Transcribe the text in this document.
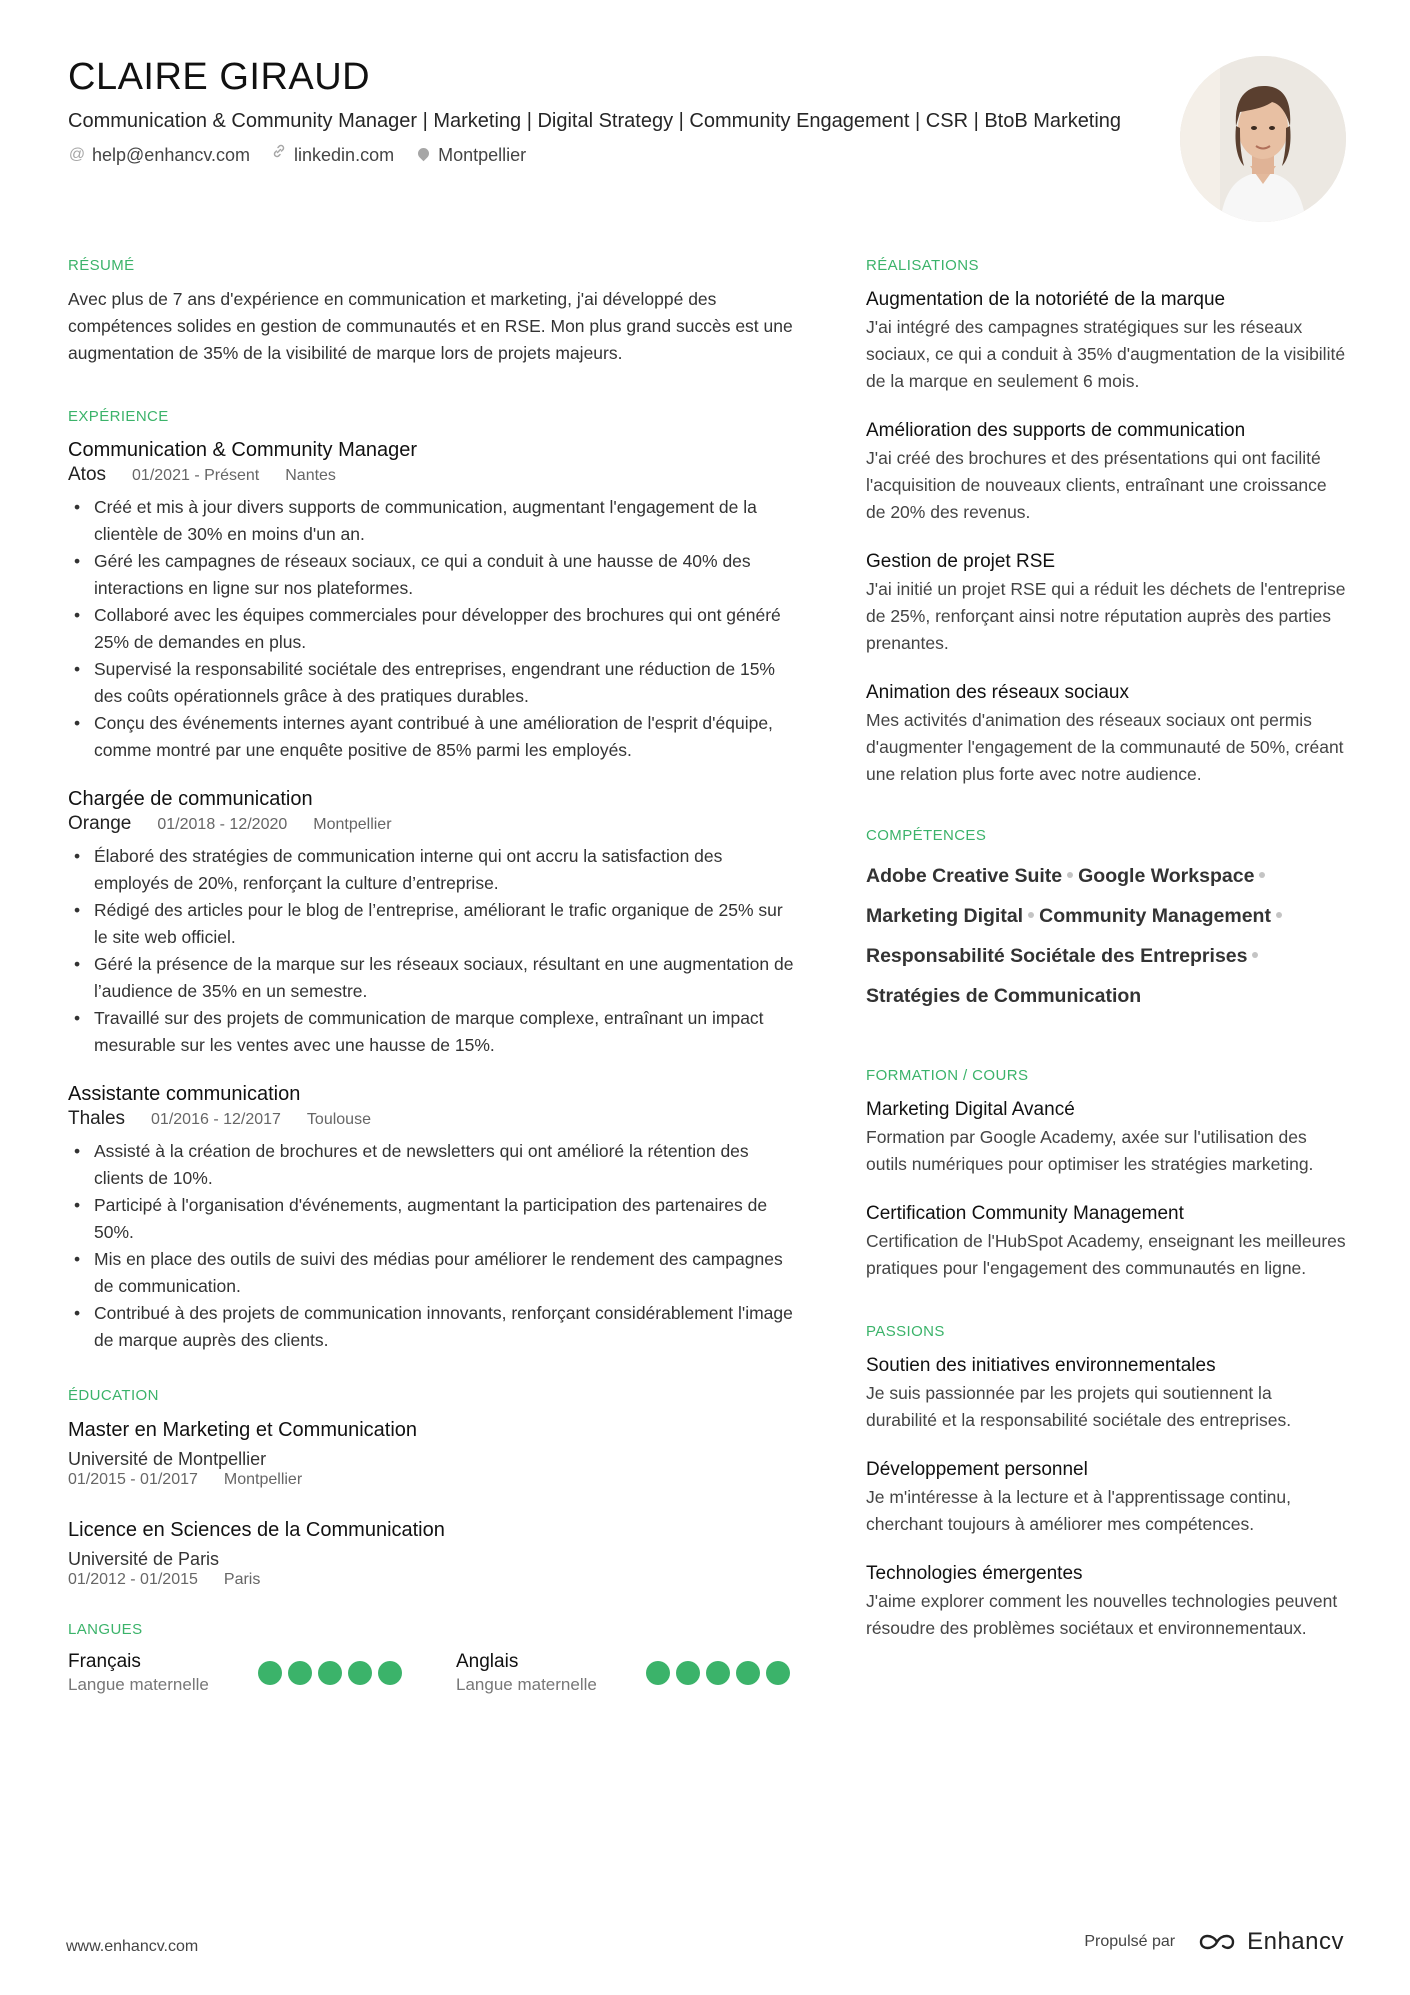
CLAIRE GIRAUD
Communication & Community Manager | Marketing | Digital Strategy | Community Engagement | CSR | BtoB Marketing
@ help@enhancv.com linkedin.com Montpellier
RÉSUMÉ
Avec plus de 7 ans d'expérience en communication et marketing, j'ai développé des compétences solides en gestion de communautés et en RSE. Mon plus grand succès est une augmentation de 35% de la visibilité de marque lors de projets majeurs.
EXPÉRIENCE
Communication & Community Manager
Atos 01/2021 - Présent Nantes
• Créé et mis à jour divers supports de communication, augmentant l'engagement de la clientèle de 30% en moins d'un an.
• Géré les campagnes de réseaux sociaux, ce qui a conduit à une hausse de 40% des interactions en ligne sur nos plateformes.
• Collaboré avec les équipes commerciales pour développer des brochures qui ont généré 25% de demandes en plus.
• Supervisé la responsabilité sociétale des entreprises, engendrant une réduction de 15% des coûts opérationnels grâce à des pratiques durables.
• Conçu des événements internes ayant contribué à une amélioration de l'esprit d'équipe, comme montré par une enquête positive de 85% parmi les employés.
Chargée de communication
Orange 01/2018 - 12/2020 Montpellier
• Élaboré des stratégies de communication interne qui ont accru la satisfaction des employés de 20%, renforçant la culture d’entreprise.
• Rédigé des articles pour le blog de l’entreprise, améliorant le trafic organique de 25% sur le site web officiel.
• Géré la présence de la marque sur les réseaux sociaux, résultant en une augmentation de l’audience de 35% en un semestre.
• Travaillé sur des projets de communication de marque complexe, entraînant un impact mesurable sur les ventes avec une hausse de 15%.
Assistante communication
Thales 01/2016 - 12/2017 Toulouse
• Assisté à la création de brochures et de newsletters qui ont amélioré la rétention des clients de 10%.
• Participé à l'organisation d'événements, augmentant la participation des partenaires de 50%.
• Mis en place des outils de suivi des médias pour améliorer le rendement des campagnes de communication.
• Contribué à des projets de communication innovants, renforçant considérablement l'image de marque auprès des clients.
ÉDUCATION
Master en Marketing et Communication
Université de Montpellier
01/2015 - 01/2017 Montpellier
Licence en Sciences de la Communication
Université de Paris
01/2012 - 01/2015 Paris
LANGUES
Français
Langue maternelle
Anglais
Langue maternelle
RÉALISATIONS
Augmentation de la notoriété de la marque
J'ai intégré des campagnes stratégiques sur les réseaux sociaux, ce qui a conduit à 35% d'augmentation de la visibilité de la marque en seulement 6 mois.
Amélioration des supports de communication
J'ai créé des brochures et des présentations qui ont facilité l'acquisition de nouveaux clients, entraînant une croissance de 20% des revenus.
Gestion de projet RSE
J'ai initié un projet RSE qui a réduit les déchets de l'entreprise de 25%, renforçant ainsi notre réputation auprès des parties prenantes.
Animation des réseaux sociaux
Mes activités d'animation des réseaux sociaux ont permis d'augmenter l'engagement de la communauté de 50%, créant une relation plus forte avec notre audience.
COMPÉTENCES
Adobe Creative Suite Google Workspace
Marketing Digital Community Management
Responsabilité Sociétale des Entreprises
Stratégies de Communication
FORMATION / COURS
Marketing Digital Avancé
Formation par Google Academy, axée sur l'utilisation des outils numériques pour optimiser les stratégies marketing.
Certification Community Management
Certification de l'HubSpot Academy, enseignant les meilleures pratiques pour l'engagement des communautés en ligne.
PASSIONS
Soutien des initiatives environnementales
Je suis passionnée par les projets qui soutiennent la durabilité et la responsabilité sociétale des entreprises.
Développement personnel
Je m'intéresse à la lecture et à l'apprentissage continu, cherchant toujours à améliorer mes compétences.
Technologies émergentes
J'aime explorer comment les nouvelles technologies peuvent résoudre des problèmes sociétaux et environnementaux.
www.enhancv.com	Propulsé par	Enhancv
